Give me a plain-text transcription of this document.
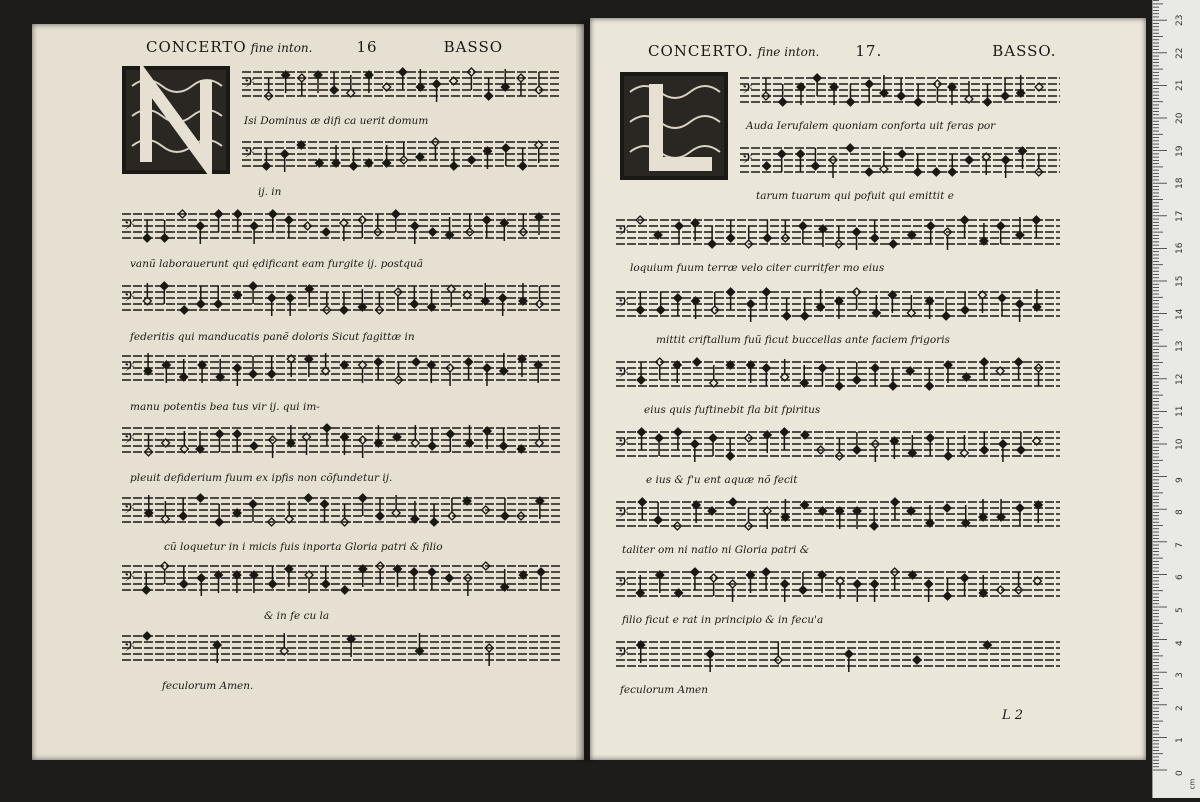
CONCERTO fine inton.	16	BASSO
Isi Dominus æ difi ca uerit domum
ij. in
vanũ laborauerunt qui ędificant eam furgite ij. postquã
federitis qui manducatis panẽ doloris Sicut fagittæ in
manu potentis bea tus vir ij. qui im-
pleuit defiderium fuum ex ipfis non cõfundetur ij.
cũ loquetur in i micis fuis inporta Gloria patri & filio
& in fe cu la
feculorum Amen.
𝄢
𝄢
𝄢
𝄢
𝄢
𝄢
𝄢
𝄢
𝄢
CONCERTO. fine inton. 17.	BASSO.
Auda Ierufalem quoniam conforta uit feras por
tarum tuarum qui pofuit qui emittit e
loquium fuum terræ velo citer curritfer mo eius
mittit criftallum fuũ ficut buccellas ante faciem frigoris
eius quis fuftinebit fla bit fpiritus
e ius & f'u ent aquæ nõ fecit
taliter om ni natio ni Gloria patri &
filio ficut e rat in principio & in fecu'a
feculorum Amen
L 2
𝄢
𝄢
𝄢
𝄢
𝄢
𝄢
𝄢
𝄢
𝄢
0
1
2
3
4
5
6
7
8
9
10
11
12
13
14
15
16
17
18
19
20
21
22
23
cm
